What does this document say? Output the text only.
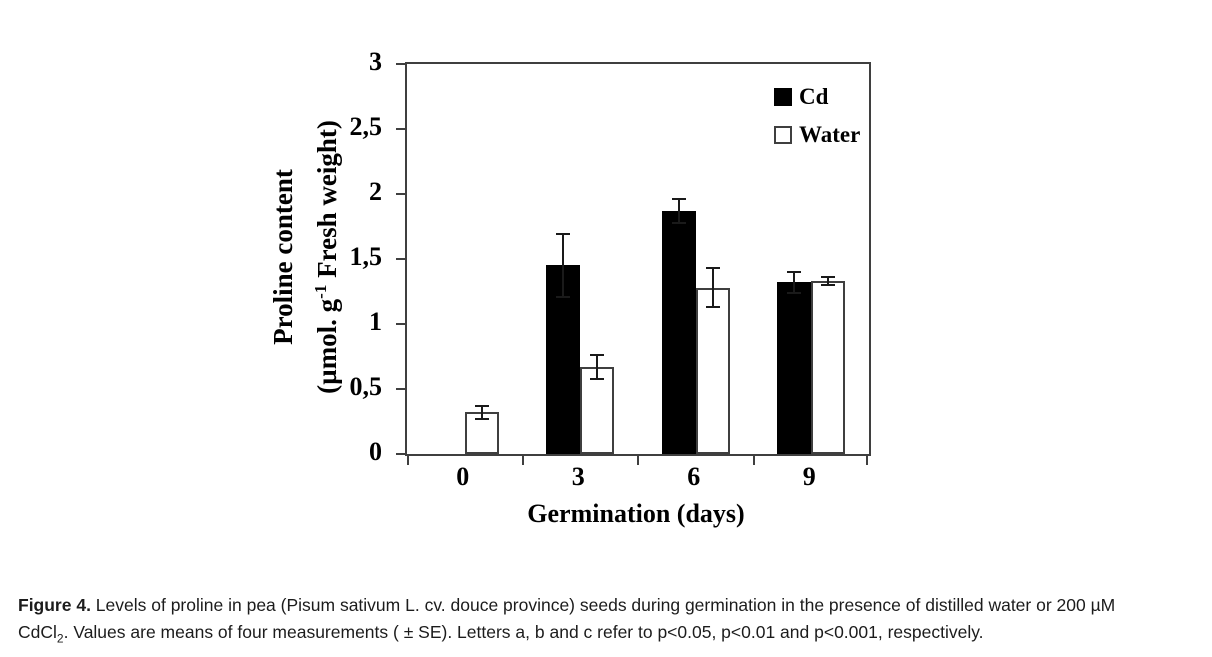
Proline content
(µmol. $g^{-1}$ Fresh weight)
0
0,5
1
1,5
2
2,5
3
Cd
Water
0	3	6	9
Germination (days)
Figure 4. Levels of proline in pea (Pisum sativum L. cv. douce province) seeds during germination in the presence of distilled water or 200 µM
CdCl$_2$. Values are means of four measurements ( ± SE). Letters a, b and c refer to p<0.05, p<0.01 and p<0.001, respectively.
